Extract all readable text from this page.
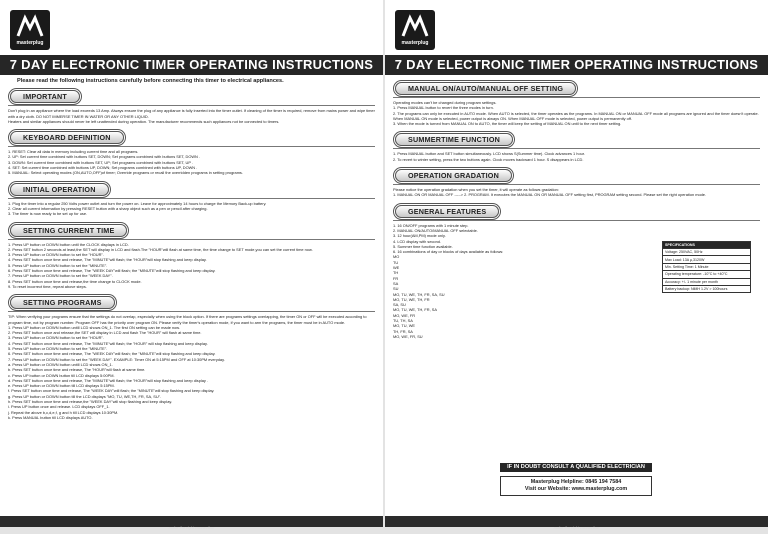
masterplug
7 DAY ELECTRONIC TIMER OPERATING INSTRUCTIONS
Please read the following instructions carefully before connecting this timer to electrical appliances.
IMPORTANT

Don't plug in an appliance where the load exceeds 13 Amp. Always ensure the plug of any appliance is fully inserted into the timer outlet. If cleaning of the timer is required, remove from mains power and wipe timer with a dry cloth. DO NOT IMMERSE TIMER IN WATER OR ANY OTHER LIQUID.

Heaters and similar appliances should never be left unattended during operation. The manufacturer recommends such appliances not be connected to timers.

KEYBOARD DEFINITION

1. RESET: Clear all data in memory including current time and all programs.

2. UP: Set current time combined with buttons SET, DOWN; Set programs combined with buttons SET, DOWN .

3. DOWN: Set current time combined with buttons SET, UP; Set programs combined with buttons SET, UP .

4. SET: Set current time combined with buttons UP, DOWN; Set programs combined with buttons UP, DOWN .

5. MANUAL: Select operating modes (ON,AUTO,OFF)of timer; Override programs or recall the overridden programs in setting programs.

INITIAL OPERATION

1. Plug the timer into a regular 250 Volts power outlet and turn the power on. Leave for approximately 14 hours to charge the Memory Back-up battery.

2. Clear all current information by pressing RESET button with a sharp object such as a pen or pencil after charging.

3. The timer is now ready to be set up for use.

SETTING CURRENT TIME

1. Press UP button or DOWN button until the CLOCK displays in LCD.

2. Press SET button 2 seconds at least,the SET will display in LCD and flash.The "HOUR"will flash at same time, the time change to SET mode,you can set the current time now.

3. Press UP button or DOWN button to set the "HOUR".

4. Press SET button once time and release, The "MINUTE"will flash; the "HOUR"will stop flashing and keep display.

5. Press UP button or DOWN button to set the "MINUTE".

6. Press SET button once time and release, The "WEEK DAY"will flash; the "MINUTE"will stop flashing and keep display.

7. Press UP button or DOWN button to set the "WEEK DAY".

8. Press SET button once time and release,the time change to CLOCK mode.

9. To reset incorrect time, repeat above steps.

SETTING PROGRAMS

TIP: When verifying your programs ensure that the settings do not overlap, especially when using the block option. If there are programs settings overlapping, the timer ON or OFF will be executed according to program time, not by program number. Program OFF has the priority over program ON. Please verify the timer's operation mode, if you want to arm the programs, the timer must be in AUTO mode.

1. Press UP button or DOWN button untill LCD shows ON_1. The first ON setting can be made now.

2. Press SET button once and release,the SET will display in LCD and flash The "HOUR" will flash at same time.

3. Press UP button or DOWN button to set the "HOUR".

4. Press SET button once time and release, The "MINUTE"will flash; the "HOUR" will stop flashing and keep display.

5. Press UP button or DOWN button to set the "MINUTE".

6. Press SET button once time and release, The "WEEK DAY"will flash; the "MINUTE"will stop flashing and keep display.

7. Press UP button or DOWN button to set the "WEEK DAY". EXAMPLE: Timer ON at 5:15PM and OFF at 10:30PM everyday.

a. Press UP button or DOWN button untill LCD shows ON_1.

b. Press SET button once time and release, The "HOUR"will flash at same time.

c. Press UP button or DOWN button till LCD displays 5:00PM.

d. Press SET button once time and release, The "MINUTE"will flash; the "HOUR"will stop flashing and keep display .

e. Press UP button or DOWN button till LCD displays 5:15PM.

f. Press SET button once time and release, The "WEEK DAY"will flash; the "MINUTE"will stop flashing and keep display.

g. Press UP button or DOWN button till the LCD displays "MO, TU, WE,TH, FR, SA, SU".

h. Press SET button once time and release,the "WEEK DAY"will stop flashing and keep display.

i. Press UP button once and release. LCD displays OFF_1.

j. Repeat the above b,c,d,e,f, g and h till LCD displays 10:30PM.

k. Press MANUAL button till LCD displays AUTO.

make the right connection
masterplug
7 DAY ELECTRONIC TIMER OPERATING INSTRUCTIONS
MANUAL ON/AUTO/MANUAL OFF SETTING

Operating modes can't be changed during program settings.

1. Press MANUAL button to revert the three modes in turn.

2. The programs can only be executed in AUTO mode. When AUTO is selected, the timer operates as the programs. In MANUAL ON or MANUAL OFF mode all programs are ignored and the timer doesn't operate. When MANUAL ON mode is selected, power output is always ON. When MANUAL OFF mode is selected, power output is permanently off.

3. When the mode is turned from MANUAL ON to AUTO, the timer will keep the setting of MANUAL ON until to the next timer setting.

SUMMERTIME FUNCTION

1. Press MANUAL button and SET button simultaneously. LCD shows S(Summer time). Clock advances 1 hour.

2. To revert to winter setting, press the two buttons again. Clock moves backward 1 hour. S disappears in LCD.

OPERATION GRADATION

Please notice the operation gradation when you set the timer, it will operate as follows gradation:

1. MANUAL ON OR MANUAL OFF -----> 2. PROGRAM. It executes the MANUAL ON OR MANUAL OFF setting first, PROGRAM setting second. Please set the right operation mode.

GENERAL FEATURES

1. 16 ON/OFF programs with 1 minute step.

2. MANUAL ON/AUTO/MANUAL OFF selectable.

3. 12 hour(AM,PM) mode only.

4. LCD display with second.

5. Summer time function available.

6. 16 combinations of day or blocks of days available as follows:

MO

TU

WE

TH

FR

SA

SU

MO, TU, WE, TH, FR, SA, SU

MO, TU, WE, TH, FR

SA, SU

MO, TU, WE, TH, FR, SA

MO, WE, FR

TU, TH, SA

MO, TU, WE

TH, FR, SA

MO, WE, FR, SU

SPECIFICATIONS
Voltage: 250VAC, 50Hz
Max Load: 13A μ,3120W
Min. Setting Time: 1 Minute
Operating temperature: -10°C to +40°C
Accuracy: +/- 1 minute per month
Battery backup: NiMH 1.2V > 100hours
IF IN DOUBT CONSULT A QUALIFIED ELECTRICIAN
Masterplug Helpline: 0845 194 7584
Visit our Website: www.masterplug.com
make the right connection
